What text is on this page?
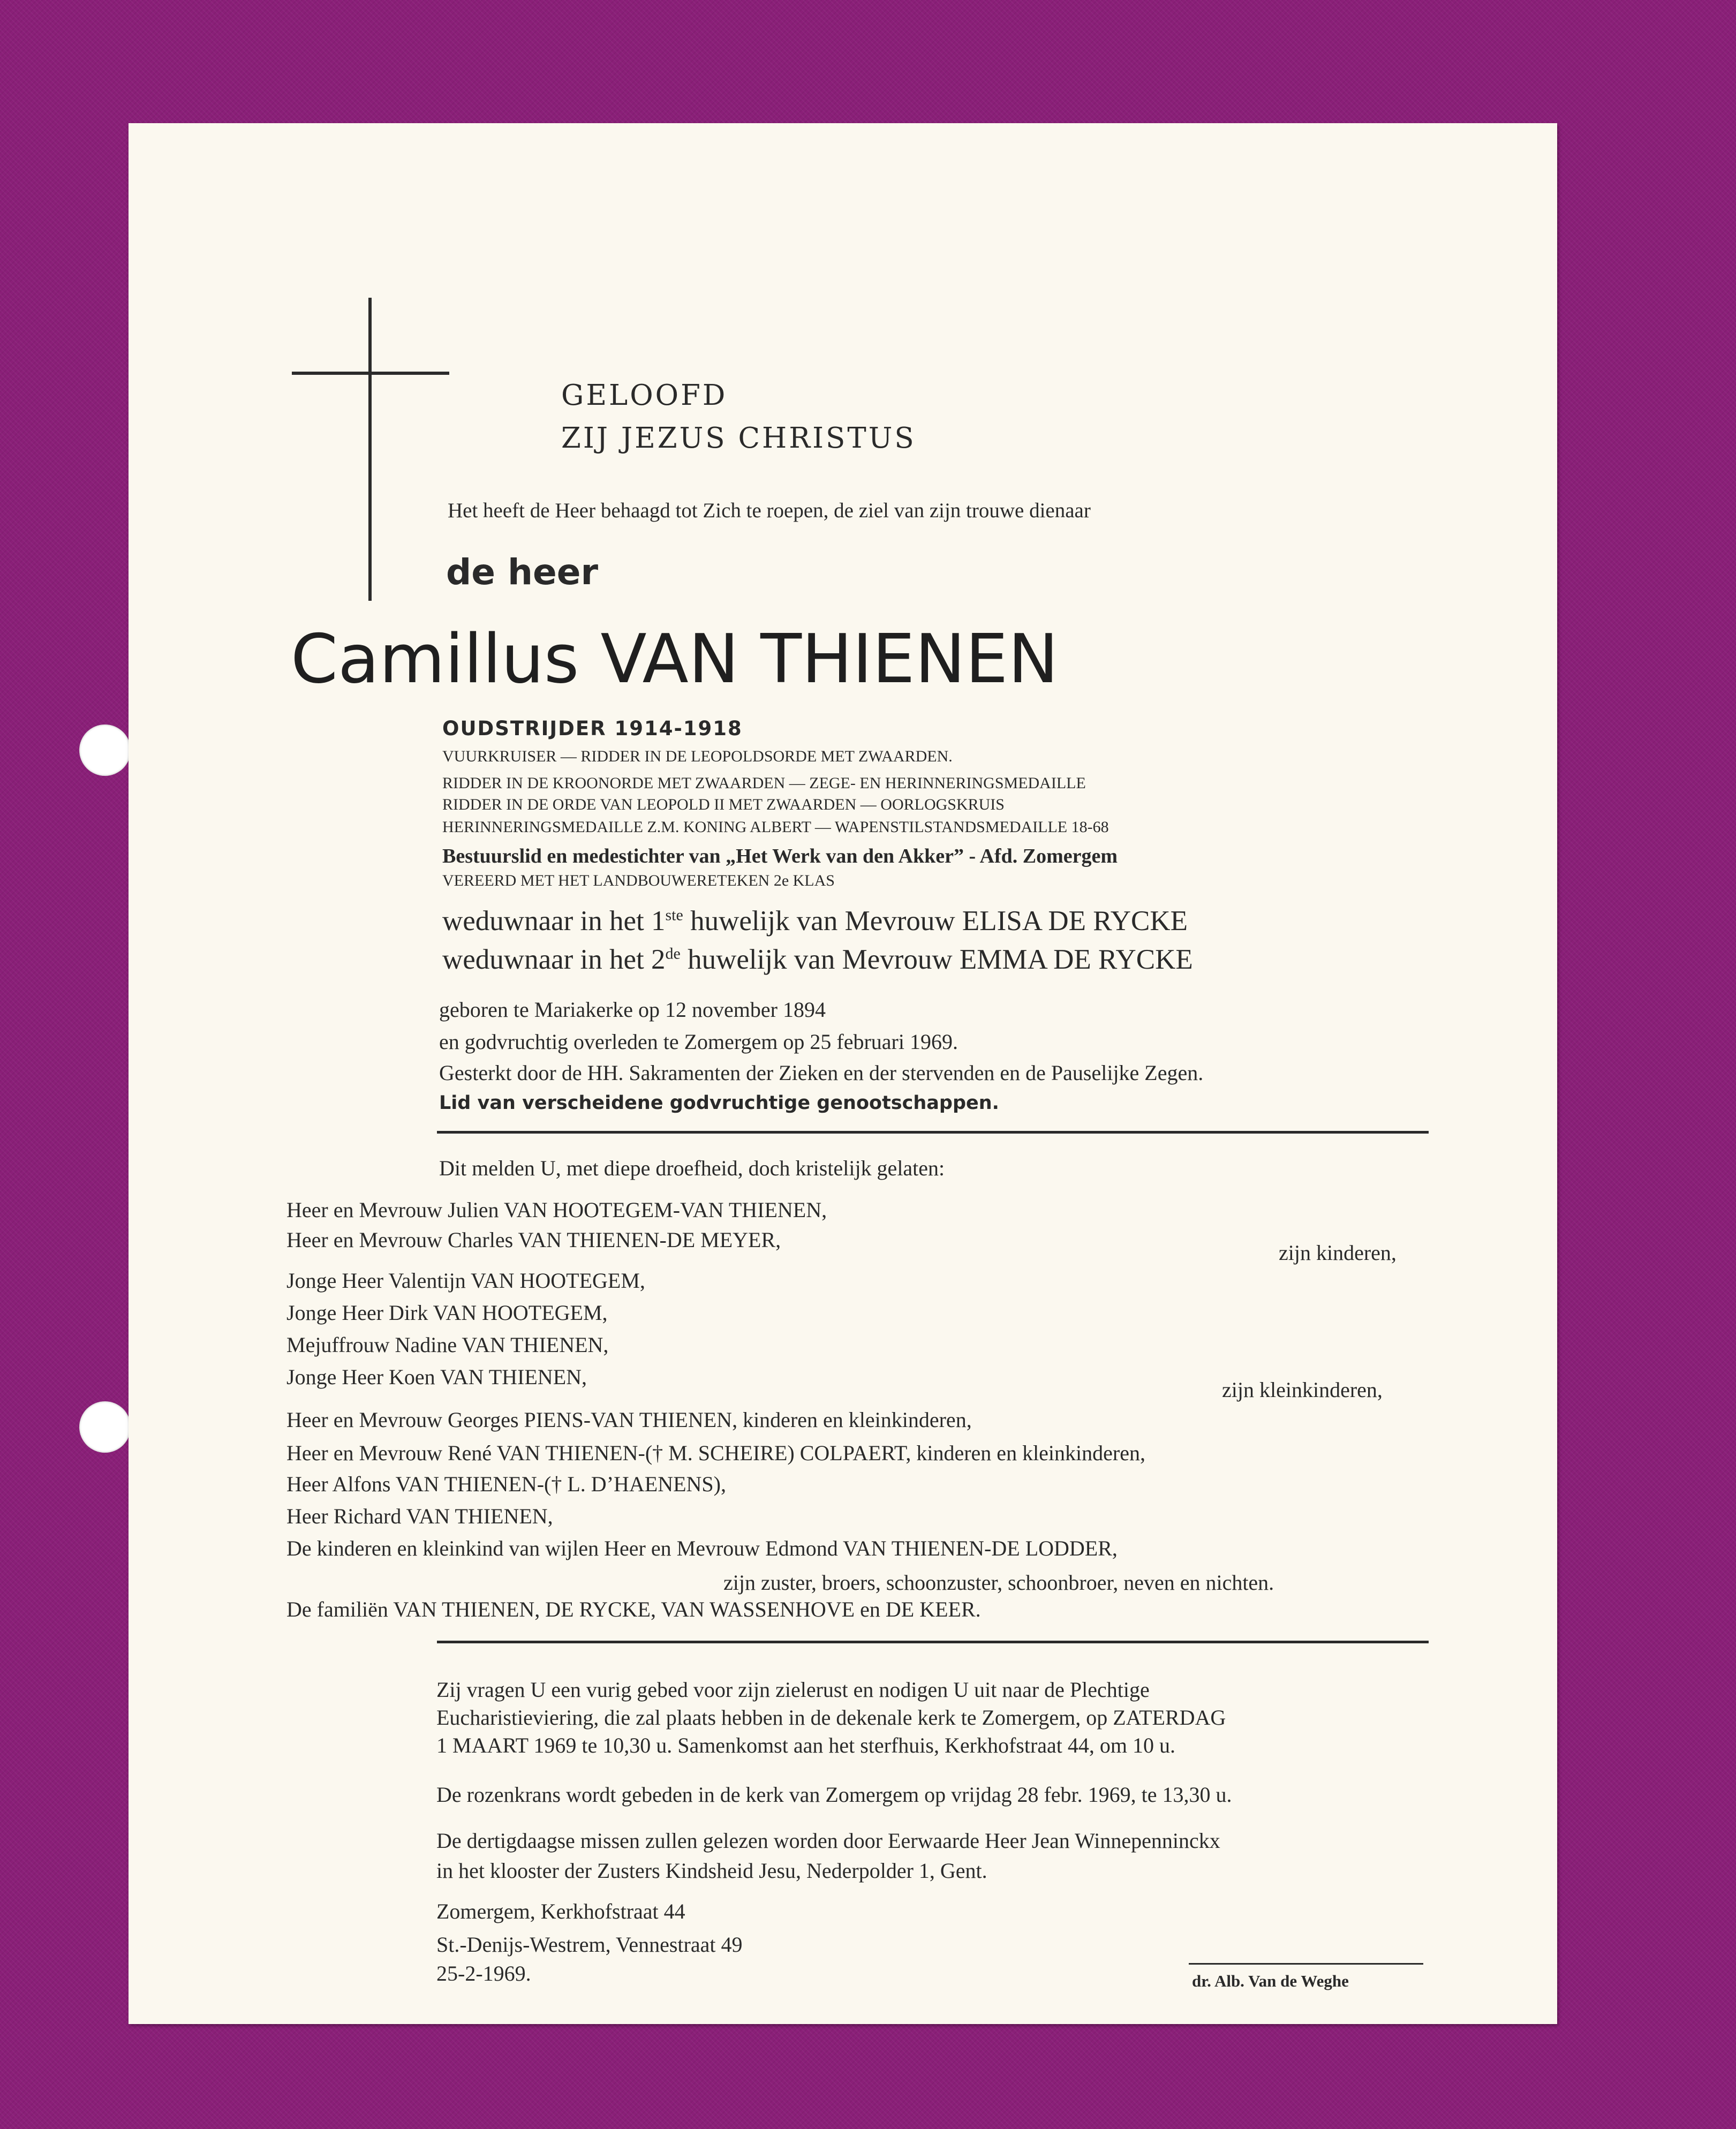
GELOOFD
ZIJ JEZUS CHRISTUS
Het heeft de Heer behaagd tot Zich te roepen, de ziel van zijn trouwe dienaar
de heer
Camillus VAN THIENEN
OUDSTRIJDER 1914-1918
VUURKRUISER — RIDDER IN DE LEOPOLDSORDE MET ZWAARDEN.
RIDDER IN DE KROONORDE MET ZWAARDEN — ZEGE- EN HERINNERINGSMEDAILLE
RIDDER IN DE ORDE VAN LEOPOLD II MET ZWAARDEN — OORLOGSKRUIS
HERINNERINGSMEDAILLE Z.M. KONING ALBERT — WAPENSTILSTANDSMEDAILLE 18-68
Bestuurslid en medestichter van „Het Werk van den Akker” - Afd. Zomergem
VEREERD MET HET LANDBOUWERETEKEN 2e KLAS
weduwnaar in het 1ste huwelijk van Mevrouw ELISA DE RYCKE
weduwnaar in het 2de huwelijk van Mevrouw EMMA DE RYCKE
geboren te Mariakerke op 12 november 1894
en godvruchtig overleden te Zomergem op 25 februari 1969.
Gesterkt door de HH. Sakramenten der Zieken en der stervenden en de Pauselijke Zegen.
Lid van verscheidene godvruchtige genootschappen.
Dit melden U, met diepe droefheid, doch kristelijk gelaten:
Heer en Mevrouw Julien VAN HOOTEGEM-VAN THIENEN,
Heer en Mevrouw Charles VAN THIENEN-DE MEYER,
zijn kinderen,
Jonge Heer Valentijn VAN HOOTEGEM,
Jonge Heer Dirk VAN HOOTEGEM,
Mejuffrouw Nadine VAN THIENEN,
Jonge Heer Koen VAN THIENEN,
zijn kleinkinderen,
Heer en Mevrouw Georges PIENS-VAN THIENEN, kinderen en kleinkinderen,
Heer en Mevrouw René VAN THIENEN-(† M. SCHEIRE) COLPAERT, kinderen en kleinkinderen,
Heer Alfons VAN THIENEN-(† L. D’HAENENS),
Heer Richard VAN THIENEN,
De kinderen en kleinkind van wijlen Heer en Mevrouw Edmond VAN THIENEN-DE LODDER,
zijn zuster, broers, schoonzuster, schoonbroer, neven en nichten.
De familiën VAN THIENEN, DE RYCKE, VAN WASSENHOVE en DE KEER.
Zij vragen U een vurig gebed voor zijn zielerust en nodigen U uit naar de Plechtige
Eucharistieviering, die zal plaats hebben in de dekenale kerk te Zomergem, op ZATERDAG
1 MAART 1969 te 10,30 u. Samenkomst aan het sterfhuis, Kerkhofstraat 44, om 10 u.
De rozenkrans wordt gebeden in de kerk van Zomergem op vrijdag 28 febr. 1969, te 13,30 u.
De dertigdaagse missen zullen gelezen worden door Eerwaarde Heer Jean Winnepenninckx
in het klooster der Zusters Kindsheid Jesu, Nederpolder 1, Gent.
Zomergem, Kerkhofstraat 44
St.-Denijs-Westrem, Vennestraat 49
25-2-1969.	dr. Alb. Van de Weghe
